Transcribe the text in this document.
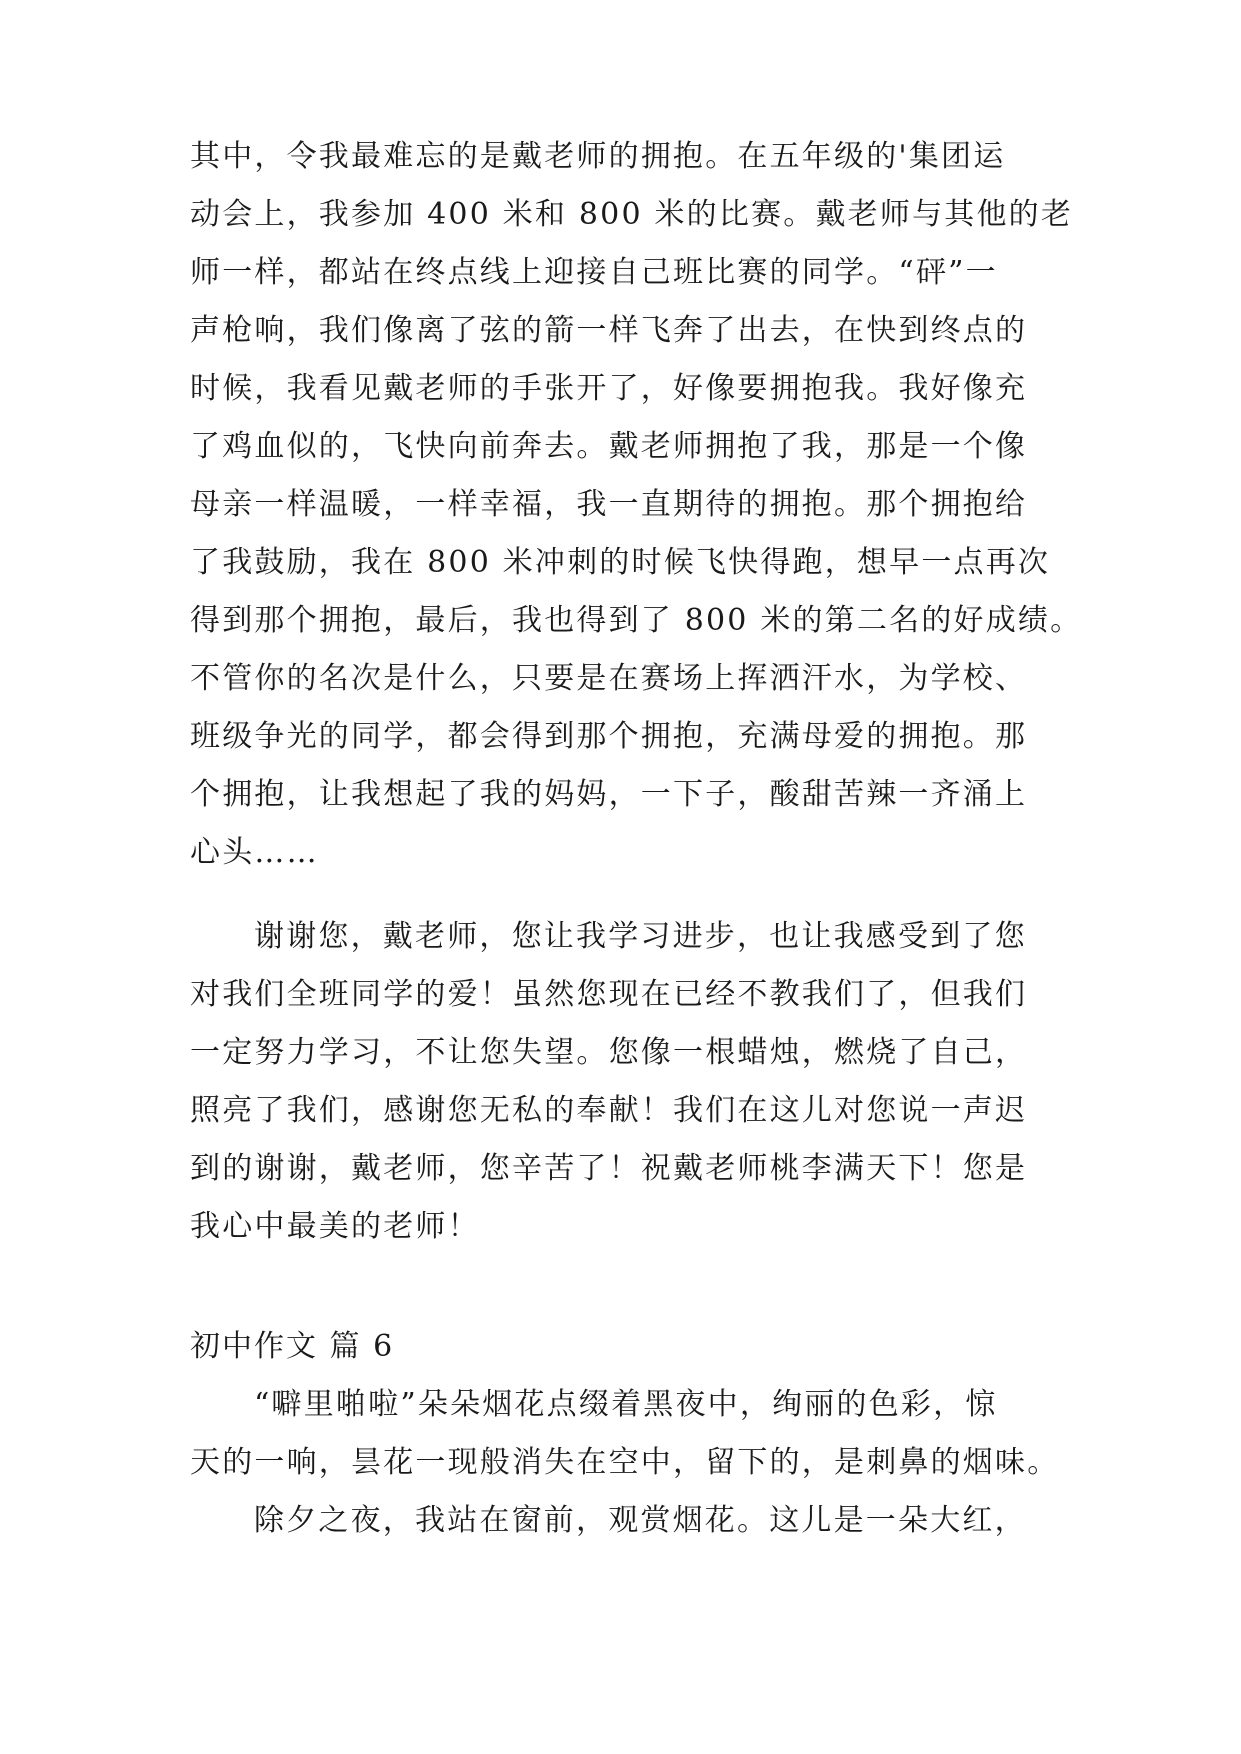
其中，令我最难忘的是戴老师的拥抱。在五年级的'集团运
动会上，我参加 400 米和 800 米的比赛。戴老师与其他的老
师一样，都站在终点线上迎接自己班比赛的同学。“砰”一
声枪响，我们像离了弦的箭一样飞奔了出去，在快到终点的
时候，我看见戴老师的手张开了，好像要拥抱我。我好像充
了鸡血似的，飞快向前奔去。戴老师拥抱了我，那是一个像
母亲一样温暖，一样幸福，我一直期待的拥抱。那个拥抱给
了我鼓励，我在 800 米冲刺的时候飞快得跑，想早一点再次
得到那个拥抱，最后，我也得到了 800 米的第二名的好成绩。
不管你的名次是什么，只要是在赛场上挥洒汗水，为学校、
班级争光的同学，都会得到那个拥抱，充满母爱的拥抱。那
个拥抱，让我想起了我的妈妈，一下子，酸甜苦辣一齐涌上
心头……
谢谢您，戴老师，您让我学习进步，也让我感受到了您
对我们全班同学的爱！虽然您现在已经不教我们了，但我们
一定努力学习，不让您失望。您像一根蜡烛，燃烧了自己，
照亮了我们，感谢您无私的奉献！我们在这儿对您说一声迟
到的谢谢，戴老师，您辛苦了！祝戴老师桃李满天下！您是
我心中最美的老师！
初中作文 篇 6
“噼里啪啦”朵朵烟花点缀着黑夜中，绚丽的色彩，惊
天的一响，昙花一现般消失在空中，留下的，是刺鼻的烟味。
除夕之夜，我站在窗前，观赏烟花。这儿是一朵大红，
